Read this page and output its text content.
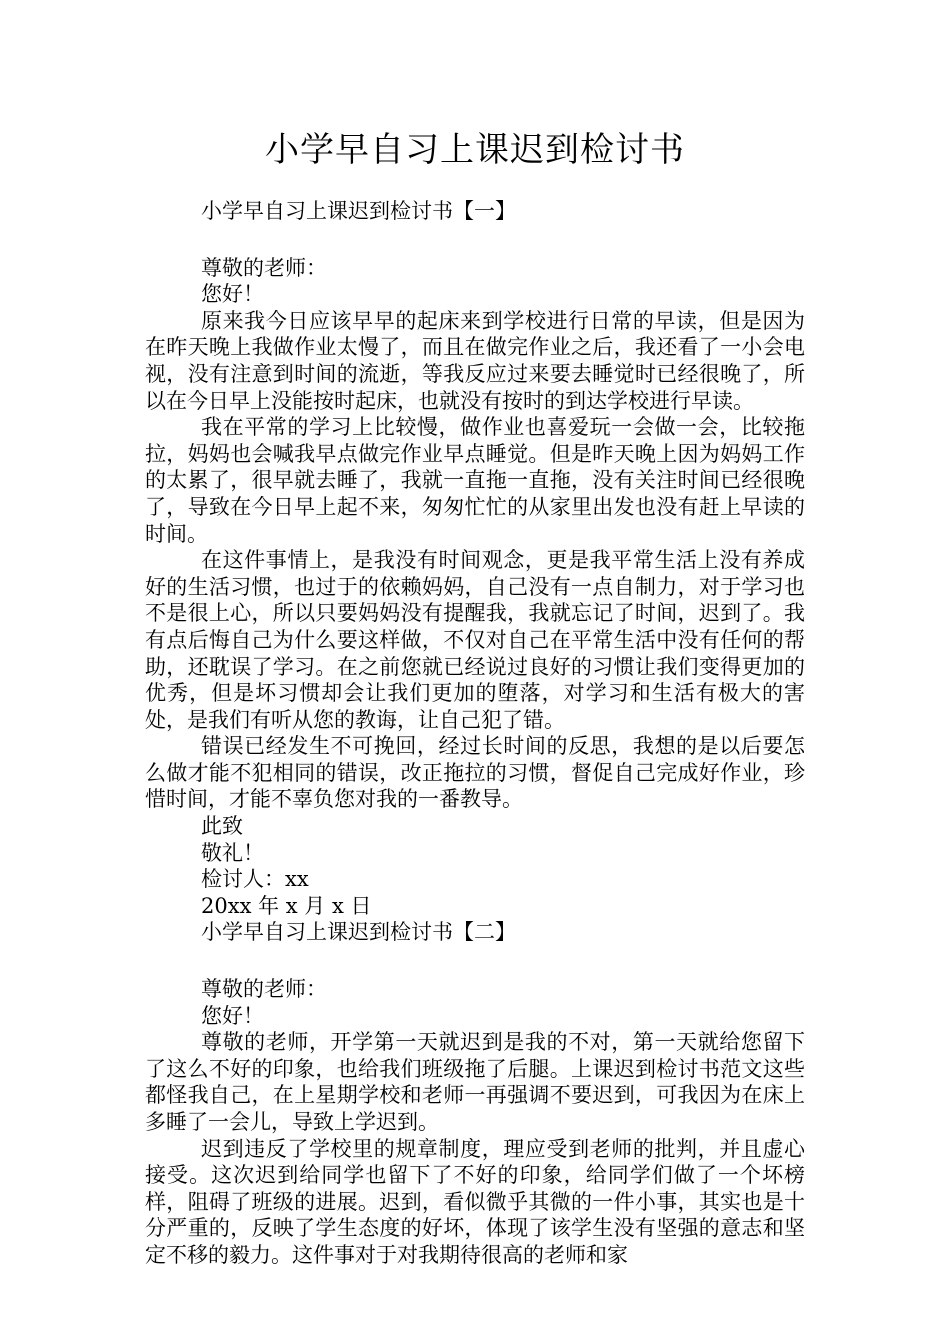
小学早自习上课迟到检讨书

小学早自习上课迟到检讨书【一】

尊敬的老师：

您好！

原来我今日应该早早的起床来到学校进行日常的早读，但是因为在昨天晚上我做作业太慢了，而且在做完作业之后，我还看了一小会电视，没有注意到时间的流逝，等我反应过来要去睡觉时已经很晚了，所以在今日早上没能按时起床，也就没有按时的到达学校进行早读。

我在平常的学习上比较慢，做作业也喜爱玩一会做一会，比较拖拉，妈妈也会喊我早点做完作业早点睡觉。但是昨天晚上因为妈妈工作的太累了，很早就去睡了，我就一直拖一直拖，没有关注时间已经很晚了，导致在今日早上起不来，匆匆忙忙的从家里出发也没有赶上早读的时间。

在这件事情上，是我没有时间观念，更是我平常生活上没有养成好的生活习惯，也过于的依赖妈妈，自己没有一点自制力，对于学习也不是很上心，所以只要妈妈没有提醒我，我就忘记了时间，迟到了。我有点后悔自己为什么要这样做，不仅对自己在平常生活中没有任何的帮助，还耽误了学习。在之前您就已经说过良好的习惯让我们变得更加的优秀，但是坏习惯却会让我们更加的堕落，对学习和生活有极大的害处，是我们有听从您的教诲，让自己犯了错。

错误已经发生不可挽回，经过长时间的反思，我想的是以后要怎么做才能不犯相同的错误，改正拖拉的习惯，督促自己完成好作业，珍惜时间，才能不辜负您对我的一番教导。

此致

敬礼！

检讨人：xx

20xx 年 x 月 x 日

小学早自习上课迟到检讨书【二】

尊敬的老师：

您好！

尊敬的老师，开学第一天就迟到是我的不对，第一天就给您留下了这么不好的印象，也给我们班级拖了后腿。上课迟到检讨书范文这些都怪我自己，在上星期学校和老师一再强调不要迟到，可我因为在床上多睡了一会儿，导致上学迟到。

迟到违反了学校里的规章制度，理应受到老师的批判，并且虚心接受。这次迟到给同学也留下了不好的印象，给同学们做了一个坏榜样，阻碍了班级的进展。迟到，看似微乎其微的一件小事，其实也是十分严重的，反映了学生态度的好坏，体现了该学生没有坚强的意志和坚定不移的毅力。这件事对于对我期待很高的老师和家
